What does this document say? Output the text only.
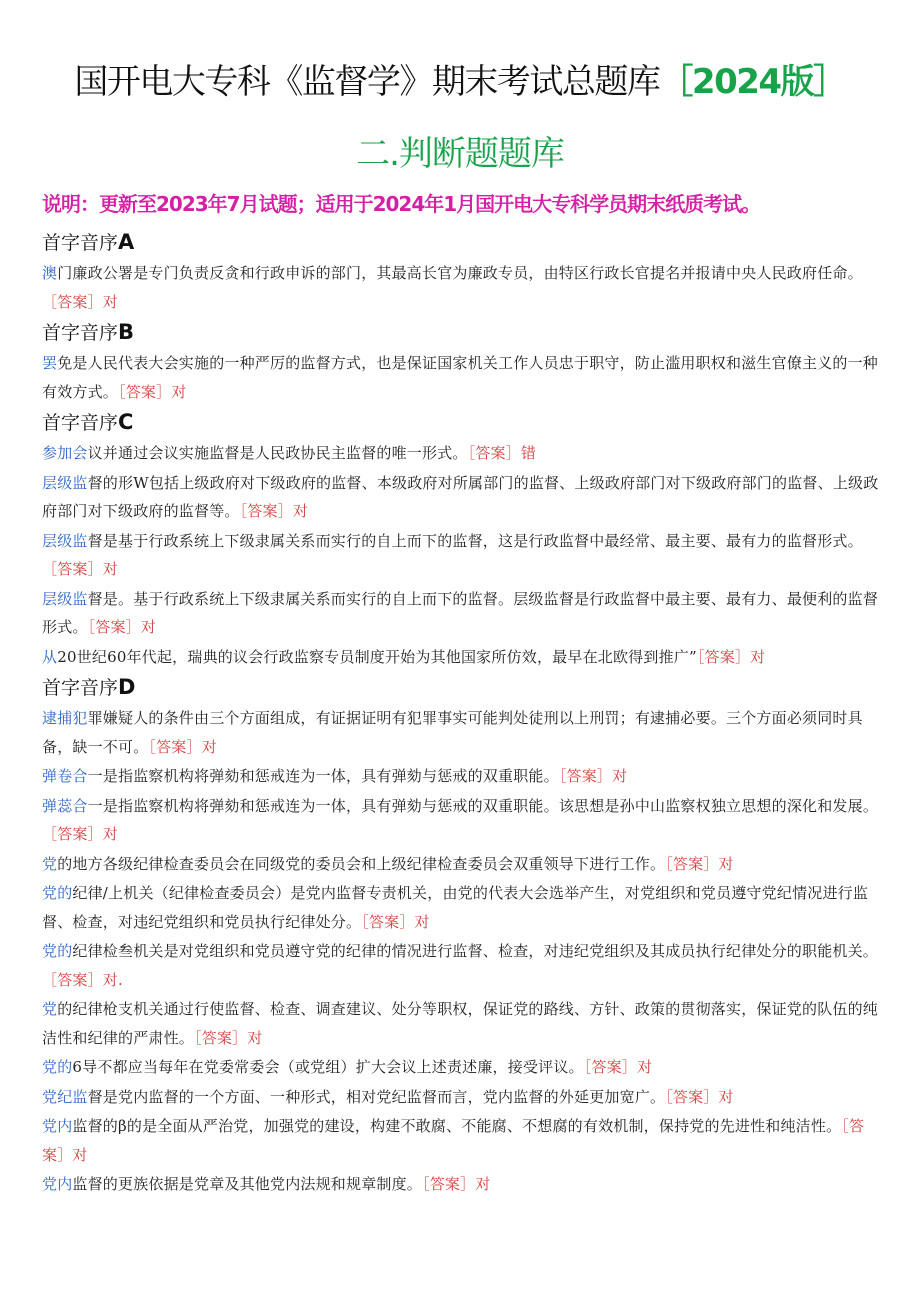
国开电大专科《监督学》期末考试总题库［2024版］
二.判断题题库
说明：更新至2023年7月试题；适用于2024年1月国开电大专科学员期末纸质考试。
首字音序A

澳门廉政公署是专门负责反贪和行政申诉的部门，其最高长官为廉政专员，由特区行政长官提名并报请中央人民政府任命。［答案］对

首字音序B

罢免是人民代表大会实施的一种严厉的监督方式，也是保证国家机关工作人员忠于职守，防止滥用职权和滋生官僚主义的一种有效方式。［答案］对

首字音序C

参加会议并通过会议实施监督是人民政协民主监督的唯一形式。［答案］错

层级监督的形W包括上级政府对下级政府的监督、本级政府对所属部门的监督、上级政府部门对下级政府部门的监督、上级政府部门对下级政府的监督等。［答案］对

层级监督是基于行政系统上下级隶属关系而实行的自上而下的监督，这是行政监督中最经常、最主要、最有力的监督形式。［答案］对

层级监督是。基于行政系统上下级隶属关系而实行的自上而下的监督。层级监督是行政监督中最主要、最有力、最便利的监督形式。［答案］对

从20世纪60年代起，瑞典的议会行政监察专员制度开始为其他国家所仿效，最早在北欧得到推广”［答案］对

首字音序D

逮捕犯罪嫌疑人的条件由三个方面组成，有证据证明有犯罪事实可能判处徒刑以上刑罚；有逮捕必要。三个方面必须同时具备，缺一不可。［答案］对

弹卷合一是指监察机构将弹劾和惩戒连为一体，具有弹劾与惩戒的双重职能。［答案］对

弹蕊合一是指监察机构将弹劾和惩戒连为一体，具有弹劾与惩戒的双重职能。该思想是孙中山监察权独立思想的深化和发展。［答案］对

党的地方各级纪律检查委员会在同级党的委员会和上级纪律检查委员会双重领导下进行工作。［答案］对

党的纪律/上机关（纪律检查委员会）是党内监督专责机关，由党的代表大会选举产生，对党组织和党员遵守党纪情况进行监督、检查，对违纪党组织和党员执行纪律处分。［答案］对

党的纪律检叁机关是对党组织和党员遵守党的纪律的情况进行监督、检查，对违纪党组织及其成员执行纪律处分的职能机关。［答案］对.

党的纪律枪支机关通过行使监督、检查、调查建议、处分等职权，保证党的路线、方针、政策的贯彻落实，保证党的队伍的纯洁性和纪律的严肃性。［答案］对

党的6导不都应当每年在党委常委会（或党组）扩大会议上述责述廉，接受评议。［答案］对

党纪监督是党内监督的一个方面、一种形式，相对党纪监督而言，党内监督的外延更加宽广。［答案］对

党内监督的β的是全面从严治党，加强党的建设，构建不敢腐、不能腐、不想腐的有效机制，保持党的先进性和纯洁性。［答案］对

党内监督的更族依据是党章及其他党内法规和规章制度。［答案］对
